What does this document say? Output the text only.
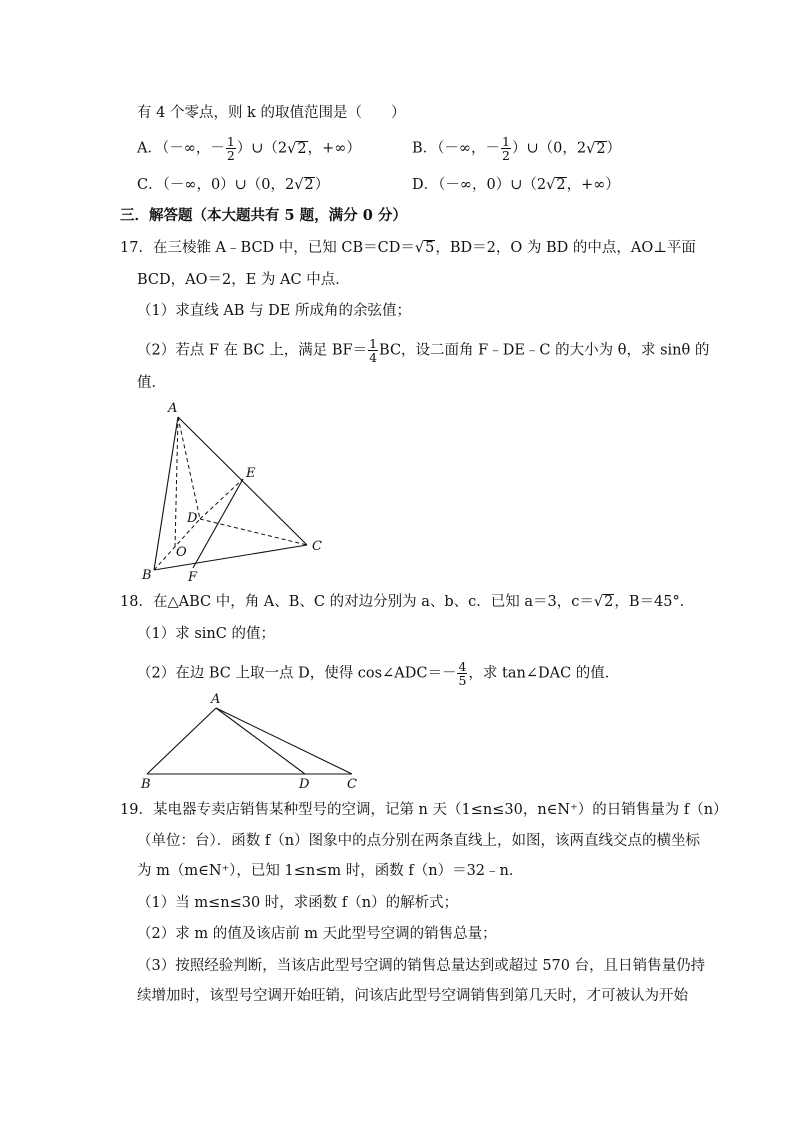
有 4 个零点，则 k 的取值范围是（　　）
A．（－∞，－ $\frac{1}{2}$ ）∪（2√2，+∞）	B．（－∞，－ $\frac{1}{2}$ ）∪（0，2√2）
C．（－∞，0）∪（0，2√2）	D．（－∞，0）∪（2√2，+∞）
三．解答题（本大题共有 5 题，满分 0 分）
17．在三棱锥 A﹣BCD 中，已知 CB＝CD＝√5，BD＝2，O 为 BD 的中点，AO⊥平面
BCD，AO＝2，E 为 AC 中点．
（1）求直线 AB 与 DE 所成角的余弦值；
（2）若点 F 在 BC 上，满足 $BF= \frac{1}{4}$ BC，设二面角 F﹣DE﹣C 的大小为 θ，求 sinθ 的
值．
A
B
C
D
E
F
O
18．在△ABC 中，角 A、B、C 的对边分别为 a、b、c．已知 a＝3，c＝√2，B＝45°．
（1）求 sinC 的值；
（2）在边 BC 上取一点 D，使得 cos∠ADC＝－ $\frac{4}{5}$ ，求 tan∠DAC 的值．
A
B	C
D
19．某电器专卖店销售某种型号的空调，记第 n 天（1≤n≤30，n∈N⁺）的日销售量为 f（n）
（单位：台）．函数 f（n）图象中的点分别在两条直线上，如图，该两直线交点的横坐标
为 m（m∈N⁺），已知 1≤n≤m 时，函数 f（n）＝32﹣n．
（1）当 m≤n≤30 时，求函数 f（n）的解析式；
（2）求 m 的值及该店前 m 天此型号空调的销售总量；
（3）按照经验判断，当该店此型号空调的销售总量达到或超过 570 台，且日销售量仍持
续增加时，该型号空调开始旺销，问该店此型号空调销售到第几天时，才可被认为开始
